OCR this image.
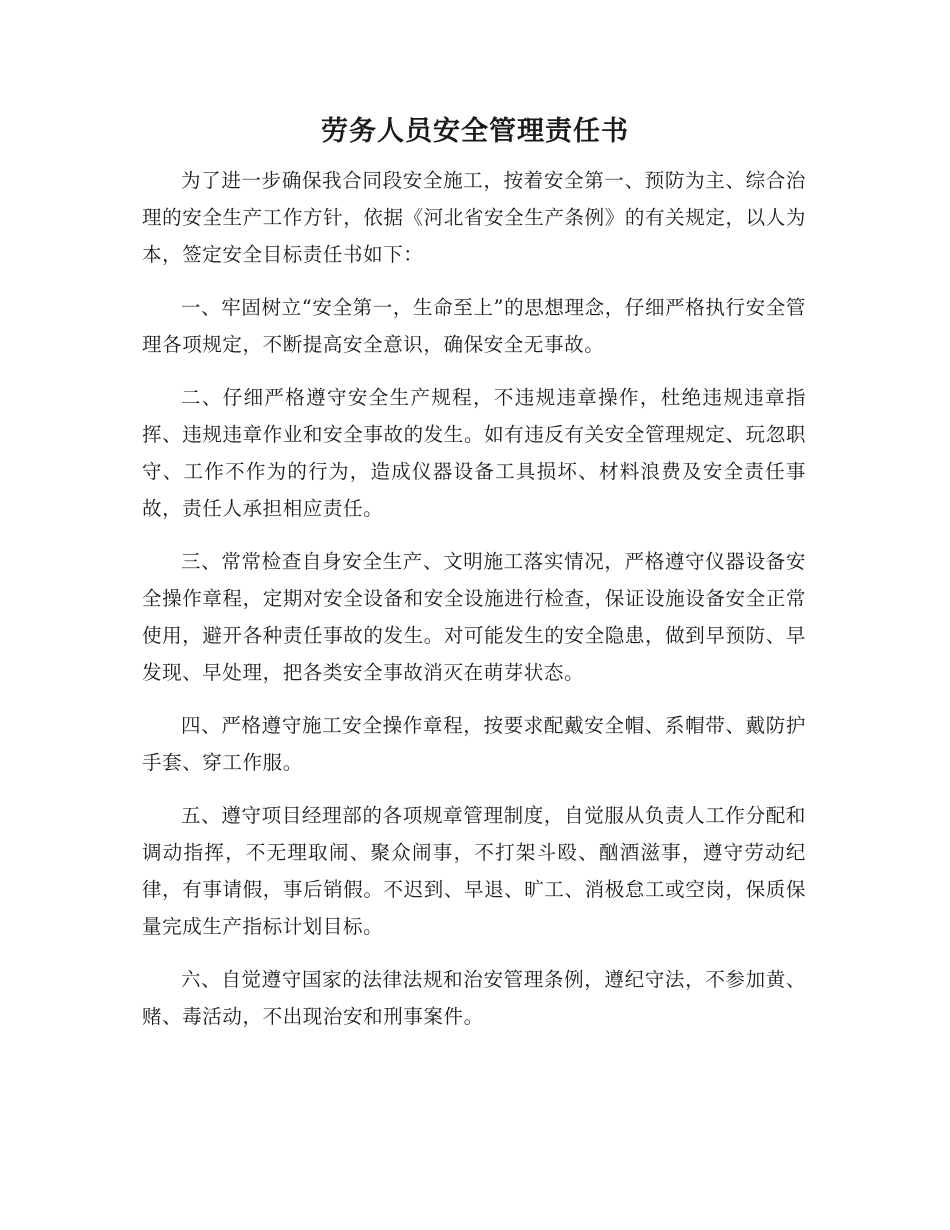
劳务人员安全管理责任书

为了进一步确保我合同段安全施工，按着安全第一、预防为主、综合治理的安全生产工作方针，依据《河北省安全生产条例》的有关规定，以人为本，签定安全目标责任书如下：

一、牢固树立“安全第一，生命至上”的思想理念，仔细严格执行安全管理各项规定，不断提高安全意识，确保安全无事故。

二、仔细严格遵守安全生产规程，不违规违章操作，杜绝违规违章指挥、违规违章作业和安全事故的发生。如有违反有关安全管理规定、玩忽职守、工作不作为的行为，造成仪器设备工具损坏、材料浪费及安全责任事故，责任人承担相应责任。

三、常常检查自身安全生产、文明施工落实情况，严格遵守仪器设备安全操作章程，定期对安全设备和安全设施进行检查，保证设施设备安全正常使用，避开各种责任事故的发生。对可能发生的安全隐患，做到早预防、早发现、早处理，把各类安全事故消灭在萌芽状态。

四、严格遵守施工安全操作章程，按要求配戴安全帽、系帽带、戴防护手套、穿工作服。

五、遵守项目经理部的各项规章管理制度，自觉服从负责人工作分配和调动指挥，不无理取闹、聚众闹事，不打架斗殴、酗酒滋事，遵守劳动纪律，有事请假，事后销假。不迟到、早退、旷工、消极怠工或空岗，保质保量完成生产指标计划目标。

六、自觉遵守国家的法律法规和治安管理条例，遵纪守法，不参加黄、赌、毒活动，不出现治安和刑事案件。
